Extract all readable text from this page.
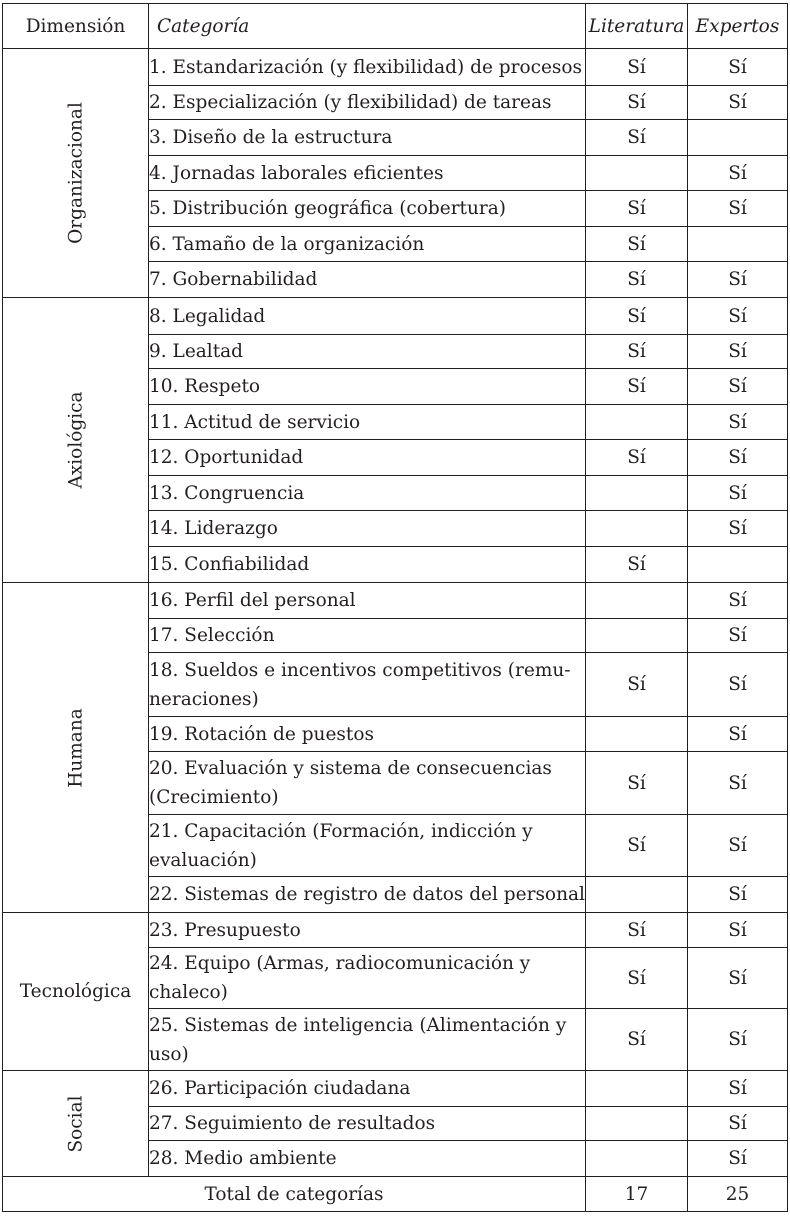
Dimensión	Categoría	Literatura	Expertos

Organizacional	1. Estandarización (y flexibilidad) de procesos	Sí	Sí
	2. Especialización (y flexibilidad) de tareas	Sí	Sí
	3. Diseño de la estructura	Sí	
	4. Jornadas laborales eficientes		Sí
	5. Distribución geográfica (cobertura)	Sí	Sí
	6. Tamaño de la organización	Sí	
	7. Gobernabilidad	Sí	Sí

Axiológica	8. Legalidad	Sí	Sí
	9. Lealtad	Sí	Sí
	10. Respeto	Sí	Sí
	11. Actitud de servicio		Sí
	12. Oportunidad	Sí	Sí
	13. Congruencia		Sí
	14. Liderazgo		Sí
	15. Confiabilidad	Sí	

Humana	16. Perfil del personal		Sí
	17. Selección		Sí
	18. Sueldos e incentivos competitivos (remu- neraciones)	Sí	Sí
	19. Rotación de puestos		Sí
	20. Evaluación y sistema de consecuencias (Crecimiento)	Sí	Sí
	21. Capacitación (Formación, indicción y evaluación)	Sí	Sí
	22. Sistemas de registro de datos del personal		Sí

Tecnológica	23. Presupuesto	Sí	Sí
	24. Equipo (Armas, radiocomunicación y chaleco)	Sí	Sí
	25. Sistemas de inteligencia (Alimentación y uso)	Sí	Sí

Social	26. Participación ciudadana		Sí
	27. Seguimiento de resultados		Sí
	28. Medio ambiente		Sí
Total de categorías		17	25
